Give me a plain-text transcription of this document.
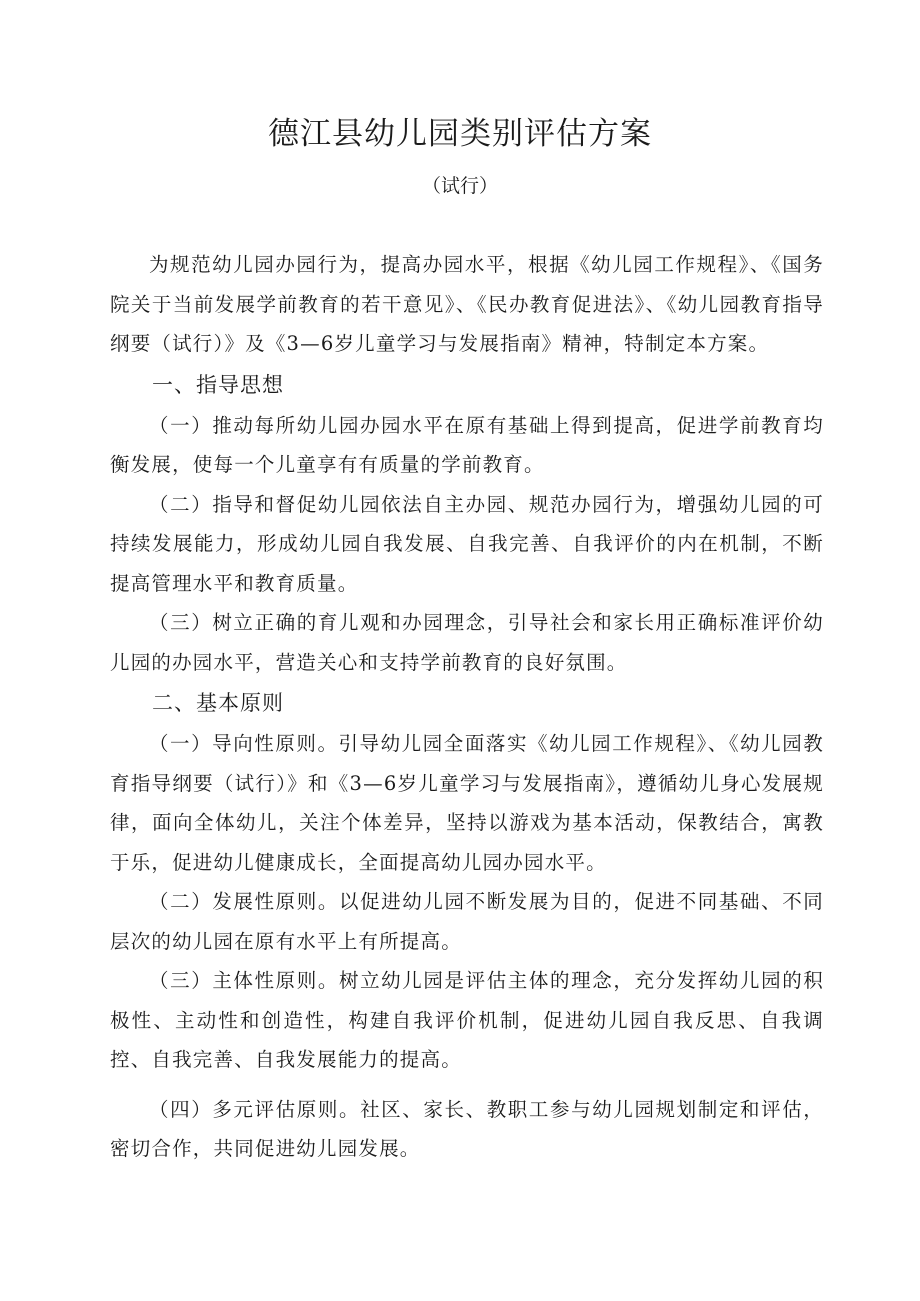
德江县幼儿园类别评估方案

（试行）

为规范幼儿园办园行为，提高办园水平，根据《幼儿园工作规程》、《国务院关于当前发展学前教育的若干意见》、《民办教育促进法》、《幼儿园教育指导纲要（试行）》及《3—6岁儿童学习与发展指南》精神，特制定本方案。

一、指导思想

（一）推动每所幼儿园办园水平在原有基础上得到提高，促进学前教育均衡发展，使每一个儿童享有有质量的学前教育。

（二）指导和督促幼儿园依法自主办园、规范办园行为，增强幼儿园的可持续发展能力，形成幼儿园自我发展、自我完善、自我评价的内在机制，不断提高管理水平和教育质量。

（三）树立正确的育儿观和办园理念，引导社会和家长用正确标准评价幼儿园的办园水平，营造关心和支持学前教育的良好氛围。

二、基本原则

（一）导向性原则。引导幼儿园全面落实《幼儿园工作规程》、《幼儿园教育指导纲要（试行）》和《3—6岁儿童学习与发展指南》，遵循幼儿身心发展规律，面向全体幼儿，关注个体差异，坚持以游戏为基本活动，保教结合，寓教于乐，促进幼儿健康成长，全面提高幼儿园办园水平。

（二）发展性原则。以促进幼儿园不断发展为目的，促进不同基础、不同层次的幼儿园在原有水平上有所提高。

（三）主体性原则。树立幼儿园是评估主体的理念，充分发挥幼儿园的积极性、主动性和创造性，构建自我评价机制，促进幼儿园自我反思、自我调控、自我完善、自我发展能力的提高。

（四）多元评估原则。社区、家长、教职工参与幼儿园规划制定和评估，密切合作，共同促进幼儿园发展。
